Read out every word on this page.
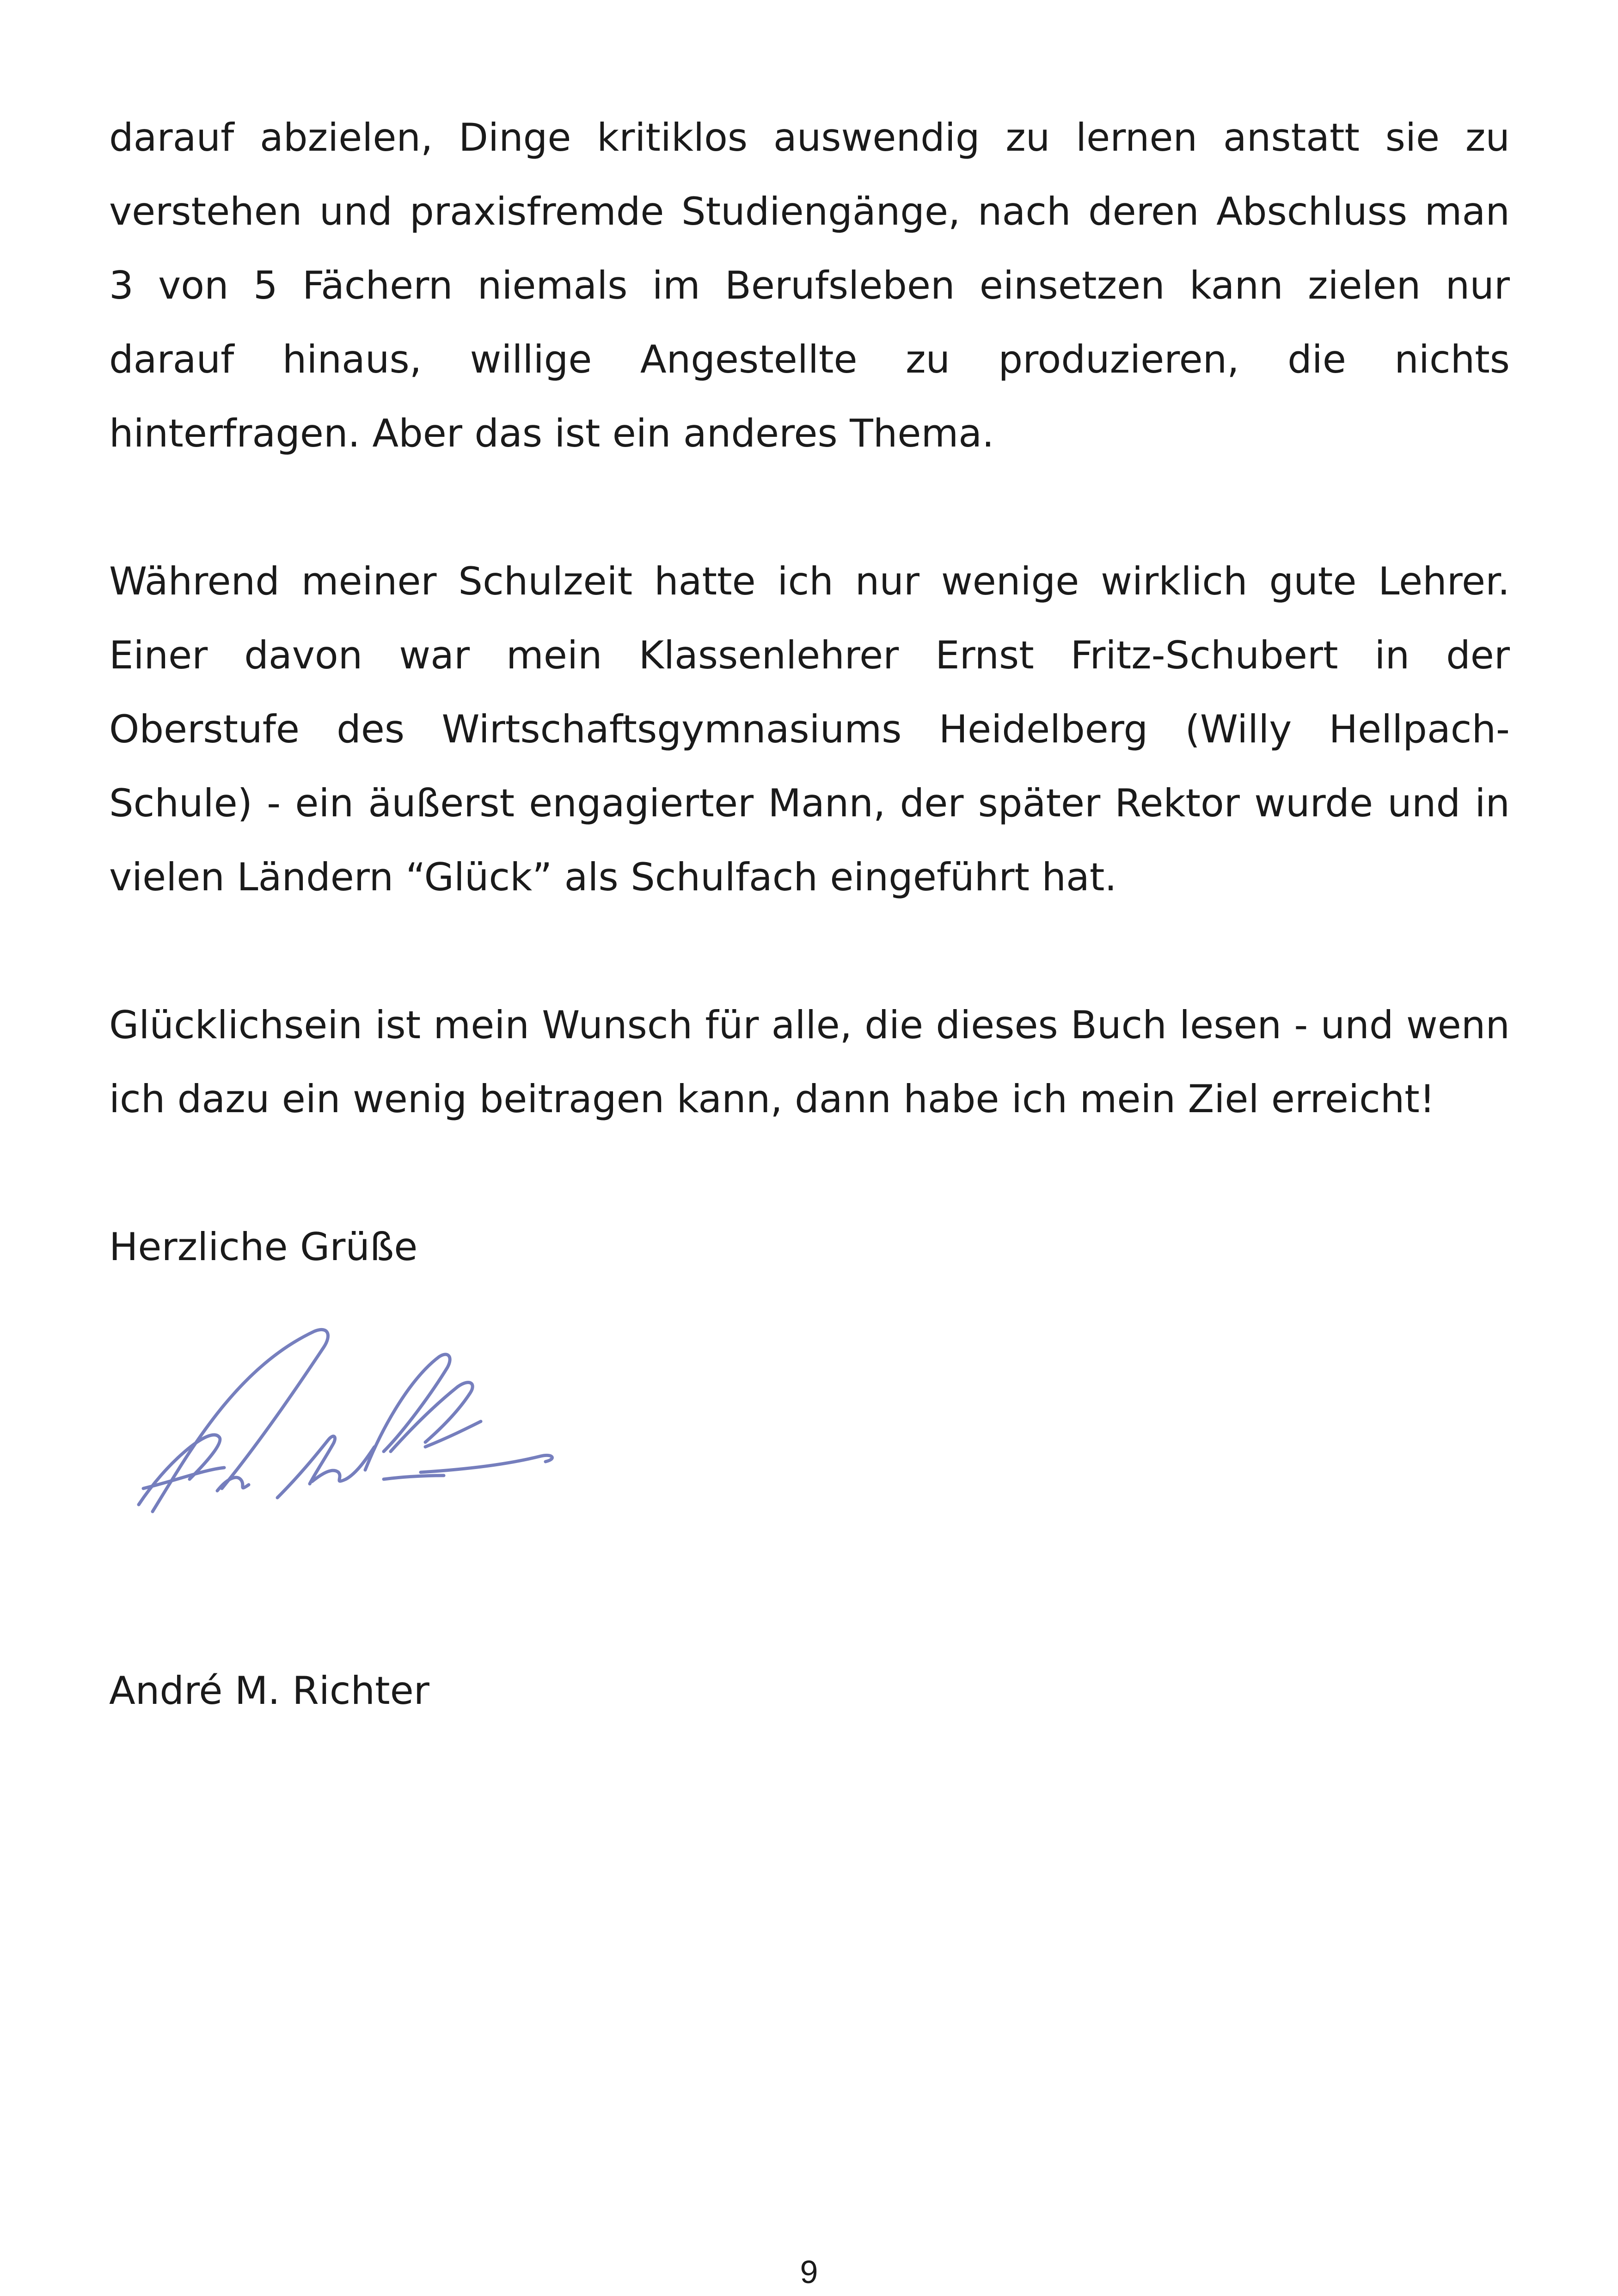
darauf abzielen, Dinge kritiklos auswendig zu lernen anstatt sie zu verstehen und praxisfremde Studiengänge, nach deren Abschluss man 3 von 5 Fächern niemals im Berufsleben einsetzen kann zielen nur darauf hinaus, willige Angestellte zu produzieren, die nichts hinterfragen. Aber das ist ein anderes Thema.

Während meiner Schulzeit hatte ich nur wenige wirklich gute Lehrer. Einer davon war mein Klassenlehrer Ernst Fritz-Schubert in der Oberstufe des Wirtschaftsgymnasiums Heidelberg (Willy Hellpach-Schule) - ein äußerst engagierter Mann, der später Rektor wurde und in vielen Ländern “Glück” als Schulfach eingeführt hat.

Glücklichsein ist mein Wunsch für alle, die dieses Buch lesen - und wenn ich dazu ein wenig beitragen kann, dann habe ich mein Ziel erreicht!

Herzliche Grüße

André M. Richter

9
